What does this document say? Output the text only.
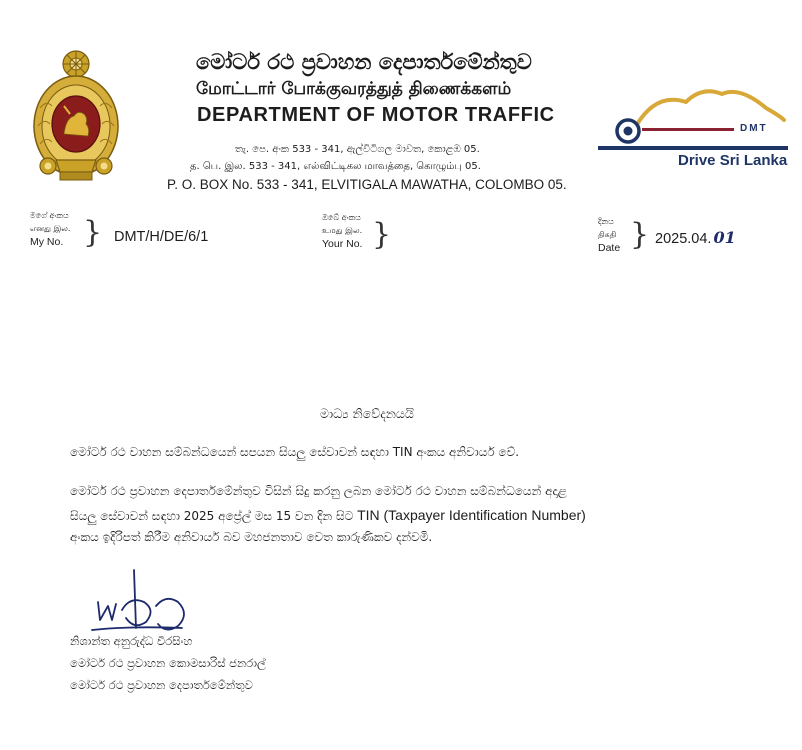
මෝටර් රථ ප්‍රවාහන දෙපාර්තමේන්තුව
மோட்டார் போக்குவரத்துத் திணைக்களம்
DEPARTMENT OF MOTOR TRAFFIC
තැ. පෙ. අංක 533 - 341, ඇල්විටිගල මාවත, කොළඹ 05.
த. பெ. இல. 533 - 341, எல்விட்டிகல மாவத்தை, கொழும்பு 05.
P. O. BOX No. 533 - 341, ELVITIGALA MAWATHA, COLOMBO 05.
DMT
Drive Sri Lanka
මගේ අංකය
எனது இல.
My No. } DMT/H/DE/6/1
ඔබේ අංකය
உமது இல.
Your No. }	දිනය
திகதி
Date } 2025.04. 01
මාධ්‍ය නිවේදනයයි
මෝටර් රථ වාහන සම්බන්ධයෙන් සපයන සියලු සේවාවන් සඳහා TIN අංකය අනිවාර්ය වේ.
මෝටර් රථ ප්‍රවාහන දෙපාර්තමේන්තුව විසින් සිදු කරනු ලබන මෝටර් රථ වාහන සම්බන්ධයෙන් අදාළ
සියලු සේවාවන් සඳහා 2025 අප්‍රේල් මස 15 වන දින සිට TIN (Taxpayer Identification Number)
අංකය ඉදිරිපත් කිරීම අනිවාර්ය බව මහජනතාව වෙත කාරුණිකව දන්වමි.
නිශාන්ත අනුරුද්ධ වීරසිංහ
මෝටර් රථ ප්‍රවාහන කොමසාරිස් ජනරාල්
මෝටර් රථ ප්‍රවාහන දෙපාර්තමේන්තුව
